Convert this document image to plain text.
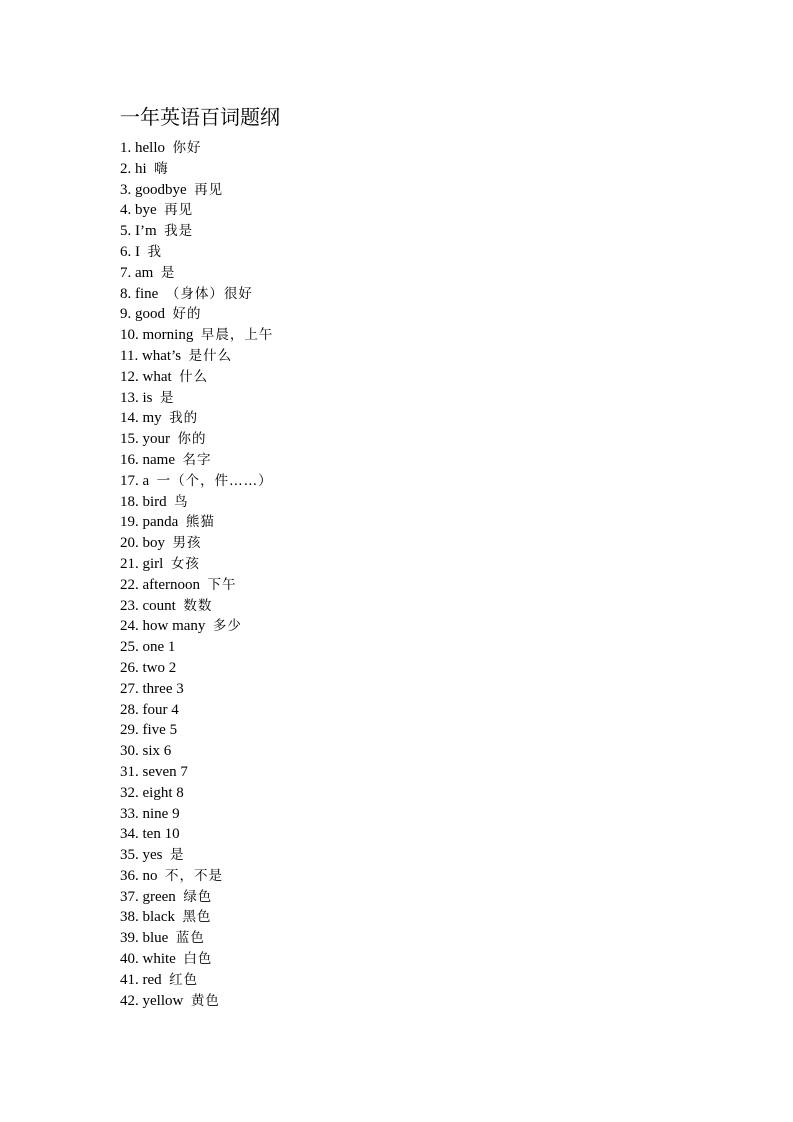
一年英语百词题纲
1. hello 你好
2. hi 嗨
3. goodbye 再见
4. bye 再见
5. I’m 我是
6. I 我
7. am 是
8. fine （身体）很好
9. good 好的
10. morning 早晨，上午
11. what’s 是什么
12. what 什么
13. is 是
14. my 我的
15. your 你的
16. name 名字
17. a 一（个，件……）
18. bird 鸟
19. panda 熊猫
20. boy 男孩
21. girl 女孩
22. afternoon 下午
23. count 数数
24. how many 多少
25. one 1
26. two 2
27. three 3
28. four 4
29. five 5
30. six 6
31. seven 7
32. eight 8
33. nine 9
34. ten 10
35. yes 是
36. no 不，不是
37. green 绿色
38. black 黑色
39. blue 蓝色
40. white 白色
41. red 红色
42. yellow 黄色
